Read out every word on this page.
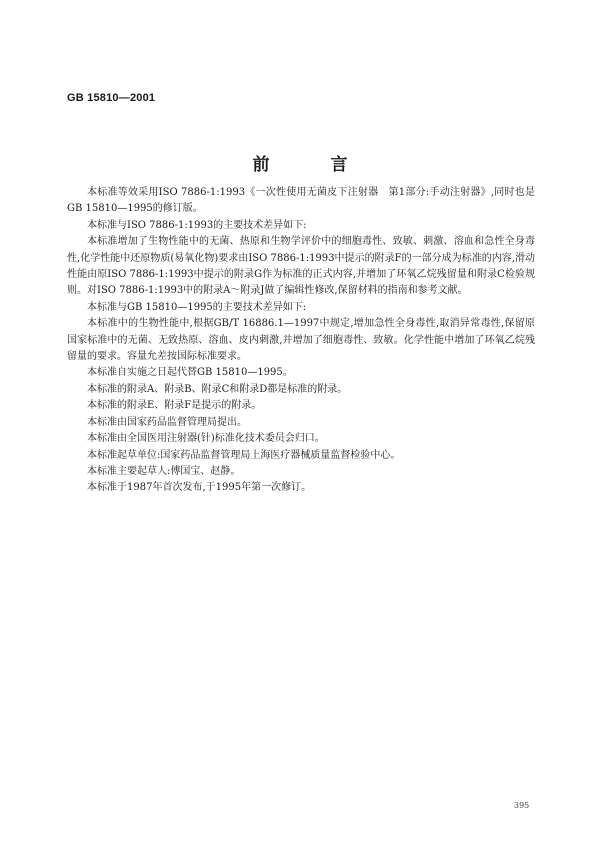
GB 15810—2001
前　言

本标准等效采用ISO 7886-1:1993《一次性使用无菌皮下注射器　第1部分:手动注射器》,同时也是GB 15810—1995的修订版。

本标准与ISO 7886-1:1993的主要技术差异如下:

本标准增加了生物性能中的无菌、热原和生物学评价中的细胞毒性、致敏、刺激、溶血和急性全身毒性,化学性能中还原物质(易氧化物)要求由ISO 7886-1:1993中提示的附录F的一部分成为标准的内容,滑动性能由原ISO 7886-1:1993中提示的附录G作为标准的正式内容,并增加了环氧乙烷残留量和附录C检验规则。对ISO 7886-1:1993中的附录A～附录J做了编辑性修改,保留材料的指南和参考文献。

本标准与GB 15810—1995的主要技术差异如下:

本标准中的生物性能中,根据GB/T 16886.1—1997中规定,增加急性全身毒性,取消异常毒性,保留原国家标准中的无菌、无致热原、溶血、皮内刺激,并增加了细胞毒性、致敏。化学性能中增加了环氧乙烷残留量的要求。容量允差按国际标准要求。

本标准自实施之日起代替GB 15810—1995。

本标准的附录A、附录B、附录C和附录D都是标准的附录。

本标准的附录E、附录F是提示的附录。

本标准由国家药品监督管理局提出。

本标准由全国医用注射器(针)标准化技术委员会归口。

本标准起草单位:国家药品监督管理局上海医疗器械质量监督检验中心。

本标准主要起草人:傅国宝、赵静。

本标准于1987年首次发布,于1995年第一次修订。

395
